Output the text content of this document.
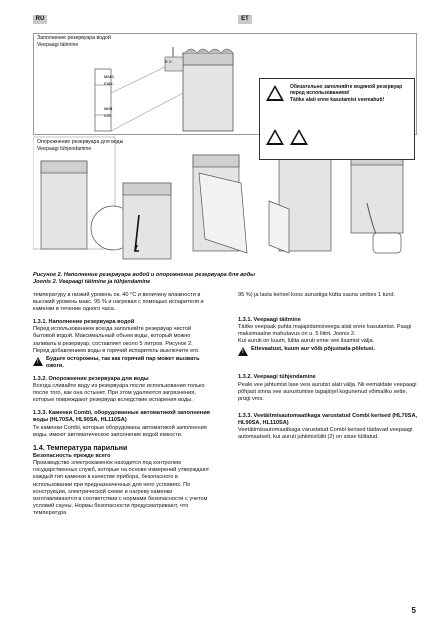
RU	ET
Заполнение резервуара водой
Veepaagi täitmine
макс.
max.
мин.
min.
5 л
Обязательно заполняйте водяной резервуар перед использованием!
Täitke alati enne kasutamist veemahuti!
Опорожнение резервуара для воды
Veepaagi tühjendamine
Рисунок 2. Наполнение резервуара водой и опорожнение резервуара для воды
Joonis 2. Veepaagi täitmine ja tühjendamine

температуру в низкий уровень ок. 40 °C и величину влажности в высокий уровень макс. 95 % и нагревая с помощью испарителя и каменки в течение одного часа.

1.3.1. Наполнение резервуара водой

Перед использованием всегда заполняйте резервуар чистой бытовой водой. Максимальный объем воды, который можно заливать в резервуар, составляет около 5 литров. Рисунок 2.

Перед добавлением воды в горячий испаритель выключите его.

!
Будьте осторожны, так как горячий пар может вызвать ожоги.

1.3.2. Опорожнение резервуара для воды

Всегда сливайте воду из резервуара после использования только после того, как она остынет. При этом удаляются загрязнения, которые повреждают резервуар вследствие испарения воды.

1.3.3. Каменки Combi, оборудованные автоматикой заполнения воды (HL70SA, HL90SA, HL110SA)

Те каменки Combi, которые оборудованы автоматикой заполнения воды, имеют автоматическое заполнение водой емкости.

1.4. Температура парильни

Безопасность прежде всего

Производство электрокаменок находится под контролем государственных служб, которые на основе измерений утверждают каждый тип каменки в качестве прибора, безопасного в использовании при предназначенных для него условиях. По конструкции, электрической схеме и нагреву каменки изготавливаются в соответствии с нормами безопасности с учетом условий сауны. Нормы безопасности предусматривают, что температура

95 %) ja lasta kerisel koos aurustiga kütta sauna umbes 1 tund.

1.3.1. Veepaagi täitmine

Täitke veepaak puhta majapidamisveega alati enne kasutamist. Paagi maksimaalne mahutavus on u. 5 liitrit. Joonis 2.

Kui auruti on kuum, lülita auruti enne vee lisamist välja.

!
Ettevaatust, kuum aur võib põjustada põletusi.

1.3.2. Veepaagi tühjendamine

Peale vee jahtumist lase vesi aurutist alati välja. Nii eemaldate veepaagi põhjast sinna vee aurustumise tagajärjel kogunenud võimaliku sette, prügi vms.

1.3.3. Veetäitmisautomaatikaga varustatud Combi kerised (HL70SA, HL90SA, HL110SA)

Veetäitmisautomaatikaga varustatud Combi kerised täidavad veepaagi automaatselt, kui auruti juhtimislüliti (2) on sisse lülitatud.

5
